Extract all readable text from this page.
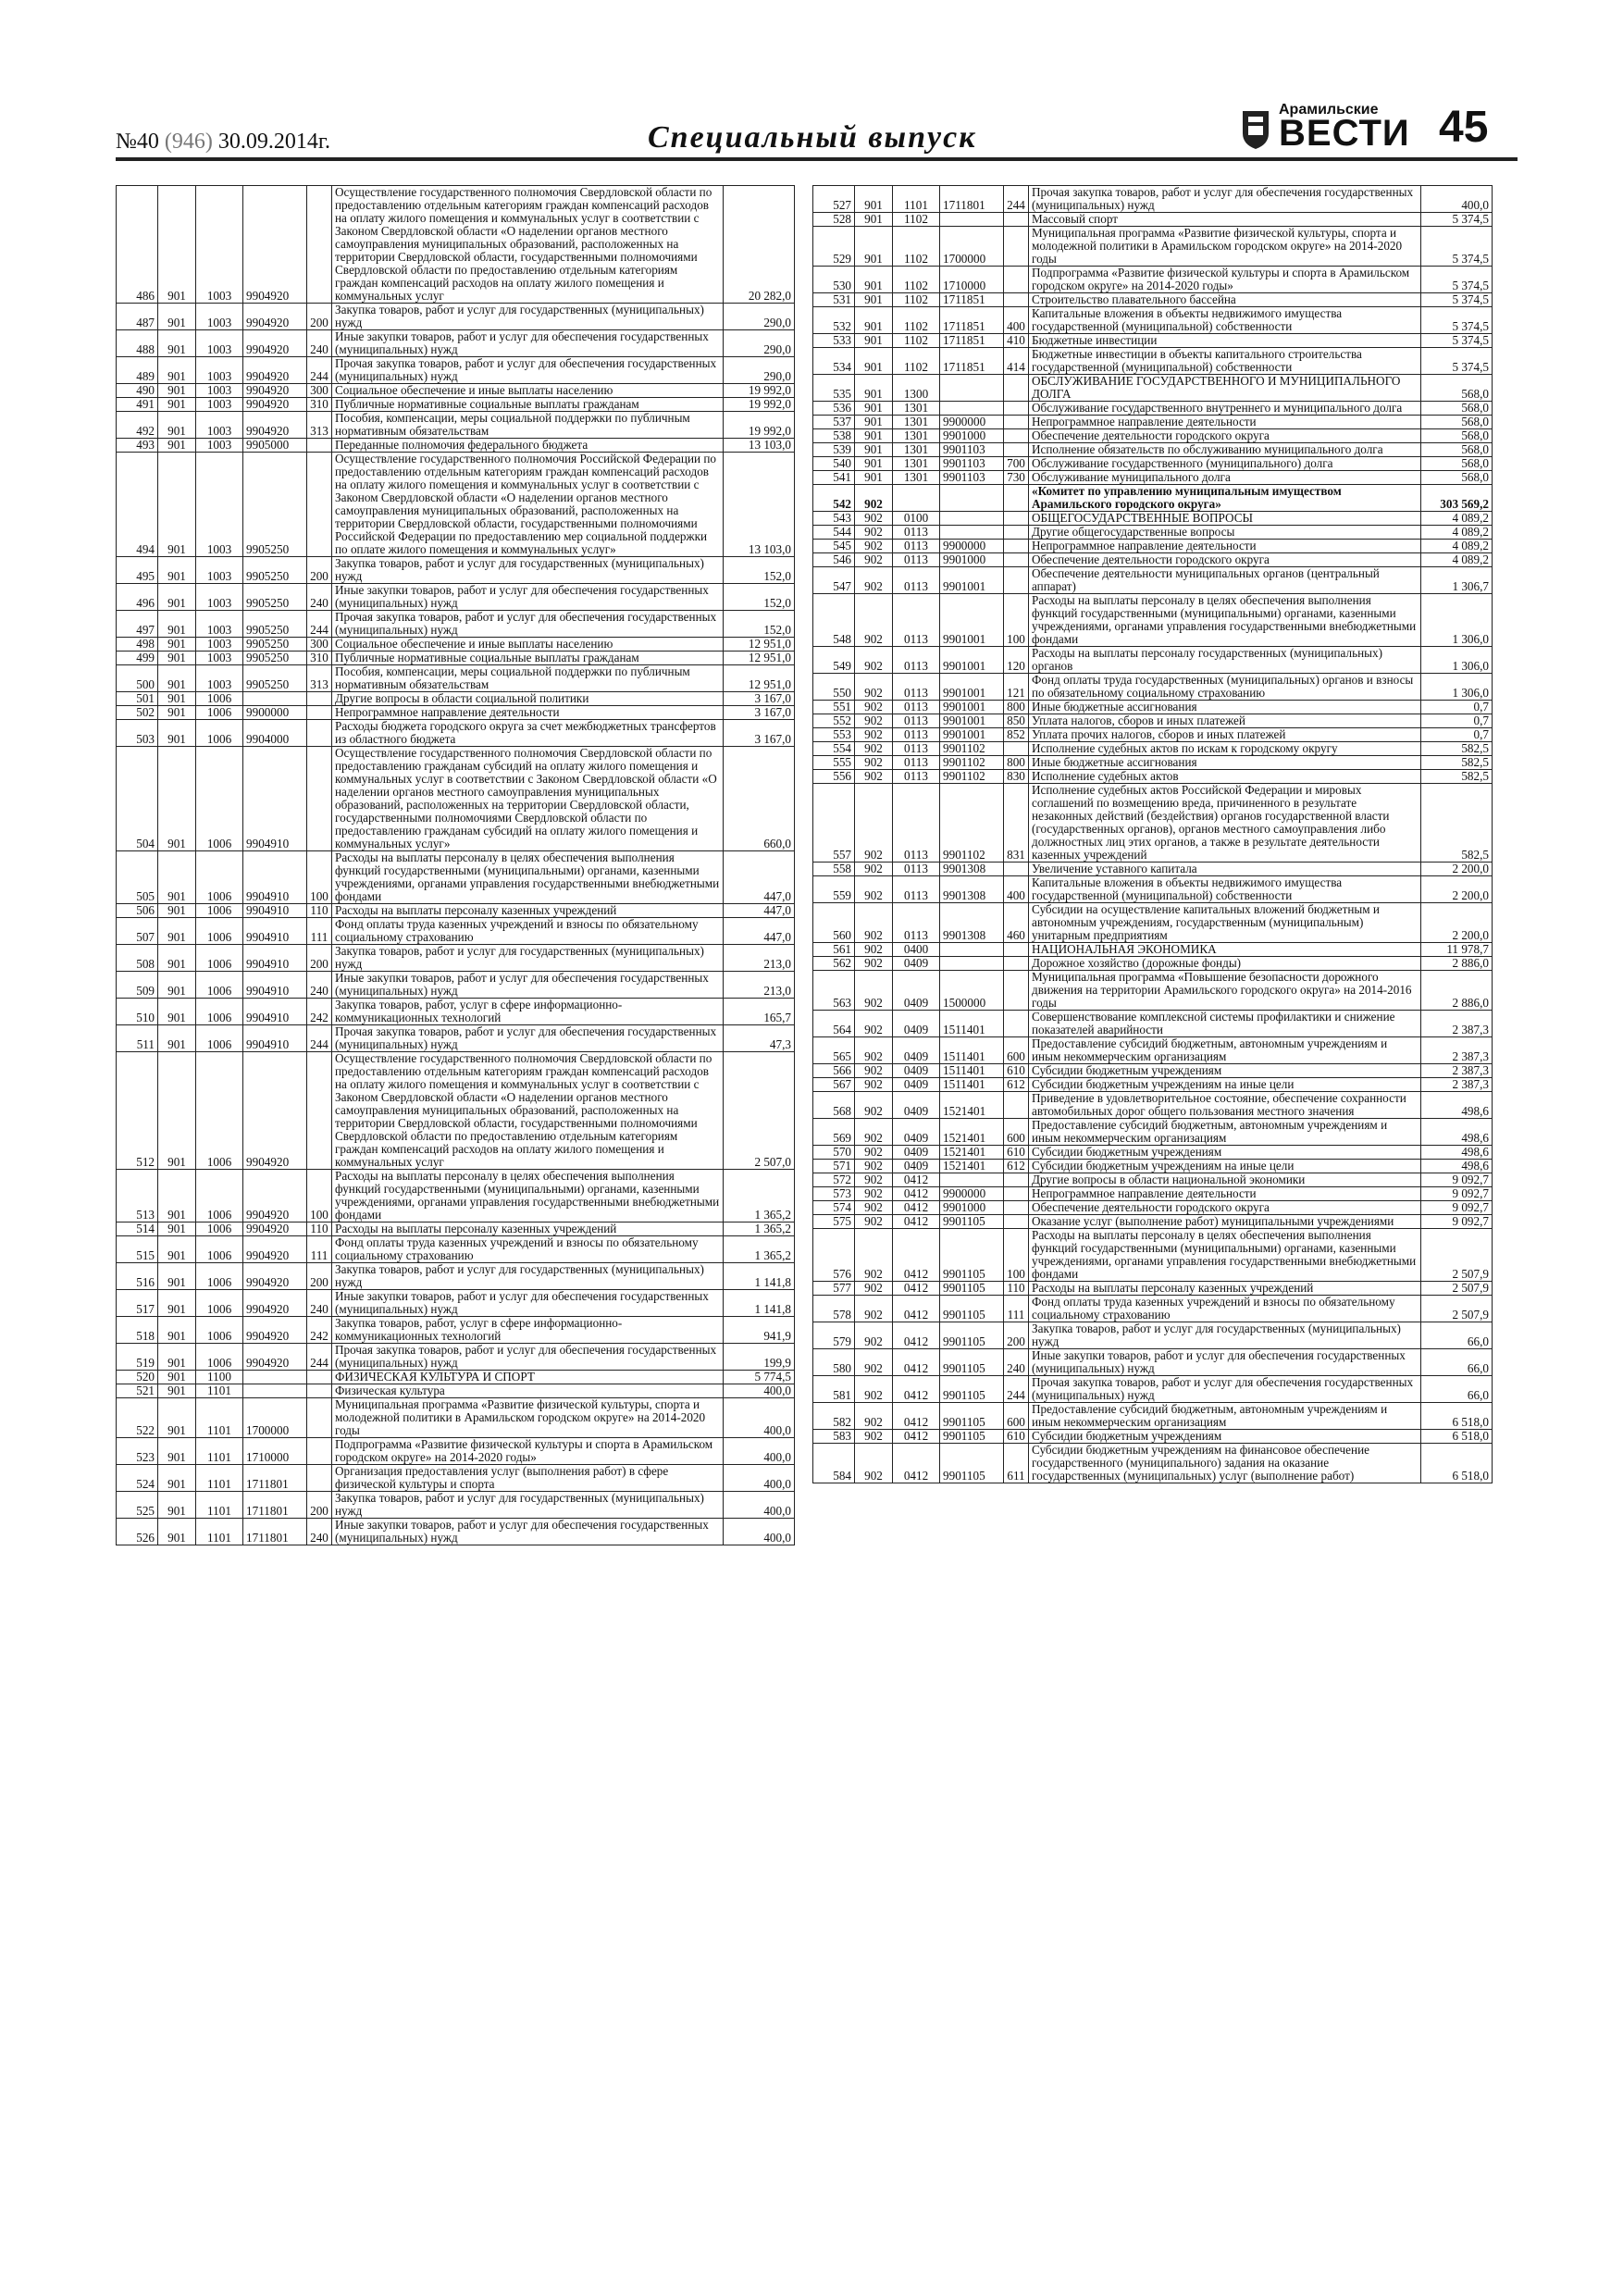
№40 (946) 30.09.2014г.	Специальный выпуск
Арамильские
ВЕСТИ 45
486	901	1003	9904920		Осуществление государственного полномочия Свердловской области по предоставлению отдельным категориям граждан компенсаций расходов на оплату жилого помещения и коммунальных услуг в соответствии с Законом Свердловской области «О наделении органов местного самоуправления муниципальных образований, расположенных на территории Свердловской области, государственными полномочиями Свердловской области по предоставлению отдельным категориям граждан компенсаций расходов на оплату жилого помещения и коммунальных услуг	20 282,0
487	901	1003	9904920	200	Закупка товаров, работ и услуг для государственных (муниципальных) нужд	290,0
488	901	1003	9904920	240	Иные закупки товаров, работ и услуг для обеспечения государственных (муниципальных) нужд	290,0
489	901	1003	9904920	244	Прочая закупка товаров, работ и услуг для обеспечения государственных (муниципальных) нужд	290,0
490	901	1003	9904920	300	Социальное обеспечение и иные выплаты населению	19 992,0
491	901	1003	9904920	310	Публичные нормативные социальные выплаты гражданам	19 992,0
492	901	1003	9904920	313	Пособия, компенсации, меры социальной поддержки по публичным нормативным обязательствам	19 992,0
493	901	1003	9905000		Переданные полномочия федерального бюджета	13 103,0
494	901	1003	9905250		Осуществление государственного полномочия Российской Федерации по предоставлению отдельным категориям граждан компенсаций расходов на оплату жилого помещения и коммунальных услуг в соответствии с Законом Свердловской области «О наделении органов местного самоуправления муниципальных образований, расположенных на территории Свердловской области, государственными полномочиями Российской Федерации по предоставлению мер социальной поддержки по оплате жилого помещения и коммунальных услуг»	13 103,0
495	901	1003	9905250	200	Закупка товаров, работ и услуг для государственных (муниципальных) нужд	152,0
496	901	1003	9905250	240	Иные закупки товаров, работ и услуг для обеспечения государственных (муниципальных) нужд	152,0
497	901	1003	9905250	244	Прочая закупка товаров, работ и услуг для обеспечения государственных (муниципальных) нужд	152,0
498	901	1003	9905250	300	Социальное обеспечение и иные выплаты населению	12 951,0
499	901	1003	9905250	310	Публичные нормативные социальные выплаты гражданам	12 951,0
500	901	1003	9905250	313	Пособия, компенсации, меры социальной поддержки по публичным нормативным обязательствам	12 951,0
501	901	1006			Другие вопросы в области социальной политики	3 167,0
502	901	1006	9900000		Непрограммное направление деятельности	3 167,0
503	901	1006	9904000		Расходы бюджета городского округа за счет межбюджетных трансфертов из областного бюджета	3 167,0
504	901	1006	9904910		Осуществление государственного полномочия Свердловской области по предоставлению гражданам субсидий на оплату жилого помещения и коммунальных услуг в соответствии с Законом Свердловской области «О наделении органов местного самоуправления муниципальных образований, расположенных на территории Свердловской области, государственными полномочиями Свердловской области по предоставлению гражданам субсидий на оплату жилого помещения и коммунальных услуг»	660,0
505	901	1006	9904910	100	Расходы на выплаты персоналу в целях обеспечения выполнения функций государственными (муниципальными) органами, казенными учреждениями, органами управления государственными внебюджетными фондами	447,0
506	901	1006	9904910	110	Расходы на выплаты персоналу казенных учреждений	447,0
507	901	1006	9904910	111	Фонд оплаты труда казенных учреждений и взносы по обязательному социальному страхованию	447,0
508	901	1006	9904910	200	Закупка товаров, работ и услуг для государственных (муниципальных) нужд	213,0
509	901	1006	9904910	240	Иные закупки товаров, работ и услуг для обеспечения государственных (муниципальных) нужд	213,0
510	901	1006	9904910	242	Закупка товаров, работ, услуг в сфере информационно-коммуникационных технологий	165,7
511	901	1006	9904910	244	Прочая закупка товаров, работ и услуг для обеспечения государственных (муниципальных) нужд	47,3
512	901	1006	9904920		Осуществление государственного полномочия Свердловской области по предоставлению отдельным категориям граждан компенсаций расходов на оплату жилого помещения и коммунальных услуг в соответствии с Законом Свердловской области «О наделении органов местного самоуправления муниципальных образований, расположенных на территории Свердловской области, государственными полномочиями Свердловской области по предоставлению отдельным категориям граждан компенсаций расходов на оплату жилого помещения и коммунальных услуг	2 507,0
513	901	1006	9904920	100	Расходы на выплаты персоналу в целях обеспечения выполнения функций государственными (муниципальными) органами, казенными учреждениями, органами управления государственными внебюджетными фондами	1 365,2
514	901	1006	9904920	110	Расходы на выплаты персоналу казенных учреждений	1 365,2
515	901	1006	9904920	111	Фонд оплаты труда казенных учреждений и взносы по обязательному социальному страхованию	1 365,2
516	901	1006	9904920	200	Закупка товаров, работ и услуг для государственных (муниципальных) нужд	1 141,8
517	901	1006	9904920	240	Иные закупки товаров, работ и услуг для обеспечения государственных (муниципальных) нужд	1 141,8
518	901	1006	9904920	242	Закупка товаров, работ, услуг в сфере информационно-коммуникационных технологий	941,9
519	901	1006	9904920	244	Прочая закупка товаров, работ и услуг для обеспечения государственных (муниципальных) нужд	199,9
520	901	1100			ФИЗИЧЕСКАЯ КУЛЬТУРА И СПОРТ	5 774,5
521	901	1101			Физическая культура	400,0
522	901	1101	1700000		Муниципальная программа «Развитие физической культуры, спорта и молодежной политики в Арамильском городском округе» на 2014-2020 годы	400,0
523	901	1101	1710000		Подпрограмма «Развитие физической культуры и спорта в Арамильском городском округе» на 2014-2020 годы»	400,0
524	901	1101	1711801		Организация предоставления услуг (выполнения работ) в сфере физической культуры и спорта	400,0
525	901	1101	1711801	200	Закупка товаров, работ и услуг для государственных (муниципальных) нужд	400,0
526	901	1101	1711801	240	Иные закупки товаров, работ и услуг для обеспечения государственных (муниципальных) нужд	400,0
527	901	1101	1711801	244	Прочая закупка товаров, работ и услуг для обеспечения государственных (муниципальных) нужд	400,0
528	901	1102			Массовый спорт	5 374,5
529	901	1102	1700000		Муниципальная программа «Развитие физической культуры, спорта и молодежной политики в Арамильском городском округе» на 2014-2020 годы	5 374,5
530	901	1102	1710000		Подпрограмма «Развитие физической культуры и спорта в Арамильском городском округе» на 2014-2020 годы»	5 374,5
531	901	1102	1711851		Строительство плавательного бассейна	5 374,5
532	901	1102	1711851	400	Капитальные вложения в объекты недвижимого имущества государственной (муниципальной) собственности	5 374,5
533	901	1102	1711851	410	Бюджетные инвестиции	5 374,5
534	901	1102	1711851	414	Бюджетные инвестиции в объекты капитального строительства государственной (муниципальной) собственности	5 374,5
535	901	1300			ОБСЛУЖИВАНИЕ ГОСУДАРСТВЕННОГО И МУНИЦИПАЛЬНОГО ДОЛГА	568,0
536	901	1301			Обслуживание государственного внутреннего и муниципального долга	568,0
537	901	1301	9900000		Непрограммное направление деятельности	568,0
538	901	1301	9901000		Обеспечение деятельности городского округа	568,0
539	901	1301	9901103		Исполнение обязательств по обслуживанию муниципального долга	568,0
540	901	1301	9901103	700	Обслуживание государственного (муниципального) долга	568,0
541	901	1301	9901103	730	Обслуживание муниципального долга	568,0
542	902				«Комитет по управлению муниципальным имуществом Арамильского городского округа»	303 569,2
543	902	0100			ОБЩЕГОСУДАРСТВЕННЫЕ ВОПРОСЫ	4 089,2
544	902	0113			Другие общегосударственные вопросы	4 089,2
545	902	0113	9900000		Непрограммное направление деятельности	4 089,2
546	902	0113	9901000		Обеспечение деятельности городского округа	4 089,2
547	902	0113	9901001		Обеспечение деятельности муниципальных органов (центральный аппарат)	1 306,7
548	902	0113	9901001	100	Расходы на выплаты персоналу в целях обеспечения выполнения функций государственными (муниципальными) органами, казенными учреждениями, органами управления государственными внебюджетными фондами	1 306,0
549	902	0113	9901001	120	Расходы на выплаты персоналу государственных (муниципальных) органов	1 306,0
550	902	0113	9901001	121	Фонд оплаты труда государственных (муниципальных) органов и взносы по обязательному социальному страхованию	1 306,0
551	902	0113	9901001	800	Иные бюджетные ассигнования	0,7
552	902	0113	9901001	850	Уплата налогов, сборов и иных платежей	0,7
553	902	0113	9901001	852	Уплата прочих налогов, сборов и иных платежей	0,7
554	902	0113	9901102		Исполнение судебных актов по искам к городскому округу	582,5
555	902	0113	9901102	800	Иные бюджетные ассигнования	582,5
556	902	0113	9901102	830	Исполнение судебных актов	582,5
557	902	0113	9901102	831	Исполнение судебных актов Российской Федерации и мировых соглашений по возмещению вреда, причиненного в результате незаконных действий (бездействия) органов государственной власти (государственных органов), органов местного самоуправления либо должностных лиц этих органов, а также в результате деятельности казенных учреждений	582,5
558	902	0113	9901308		Увеличение уставного капитала	2 200,0
559	902	0113	9901308	400	Капитальные вложения в объекты недвижимого имущества государственной (муниципальной) собственности	2 200,0
560	902	0113	9901308	460	Субсидии на осуществление капитальных вложений бюджетным и автономным учреждениям, государственным (муниципальным) унитарным предприятиям	2 200,0
561	902	0400			НАЦИОНАЛЬНАЯ ЭКОНОМИКА	11 978,7
562	902	0409			Дорожное хозяйство (дорожные фонды)	2 886,0
563	902	0409	1500000		Муниципальная программа «Повышение безопасности дорожного движения на территории Арамильского городского округа» на 2014-2016 годы	2 886,0
564	902	0409	1511401		Совершенствование комплексной системы профилактики и снижение показателей аварийности	2 387,3
565	902	0409	1511401	600	Предоставление субсидий бюджетным, автономным учреждениям и иным некоммерческим организациям	2 387,3
566	902	0409	1511401	610	Субсидии бюджетным учреждениям	2 387,3
567	902	0409	1511401	612	Субсидии бюджетным учреждениям на иные цели	2 387,3
568	902	0409	1521401		Приведение в удовлетворительное состояние, обеспечение сохранности автомобильных дорог общего пользования местного значения	498,6
569	902	0409	1521401	600	Предоставление субсидий бюджетным, автономным учреждениям и иным некоммерческим организациям	498,6
570	902	0409	1521401	610	Субсидии бюджетным учреждениям	498,6
571	902	0409	1521401	612	Субсидии бюджетным учреждениям на иные цели	498,6
572	902	0412			Другие вопросы в области национальной экономики	9 092,7
573	902	0412	9900000		Непрограммное направление деятельности	9 092,7
574	902	0412	9901000		Обеспечение деятельности городского округа	9 092,7
575	902	0412	9901105		Оказание услуг (выполнение работ) муниципальными учреждениями	9 092,7
576	902	0412	9901105	100	Расходы на выплаты персоналу в целях обеспечения выполнения функций государственными (муниципальными) органами, казенными учреждениями, органами управления государственными внебюджетными фондами	2 507,9
577	902	0412	9901105	110	Расходы на выплаты персоналу казенных учреждений	2 507,9
578	902	0412	9901105	111	Фонд оплаты труда казенных учреждений и взносы по обязательному социальному страхованию	2 507,9
579	902	0412	9901105	200	Закупка товаров, работ и услуг для государственных (муниципальных) нужд	66,0
580	902	0412	9901105	240	Иные закупки товаров, работ и услуг для обеспечения государственных (муниципальных) нужд	66,0
581	902	0412	9901105	244	Прочая закупка товаров, работ и услуг для обеспечения государственных (муниципальных) нужд	66,0
582	902	0412	9901105	600	Предоставление субсидий бюджетным, автономным учреждениям и иным некоммерческим организациям	6 518,0
583	902	0412	9901105	610	Субсидии бюджетным учреждениям	6 518,0
584	902	0412	9901105	611	Субсидии бюджетным учреждениям на финансовое обеспечение государственного (муниципального) задания на оказание государственных (муниципальных) услуг (выполнение работ)	6 518,0
